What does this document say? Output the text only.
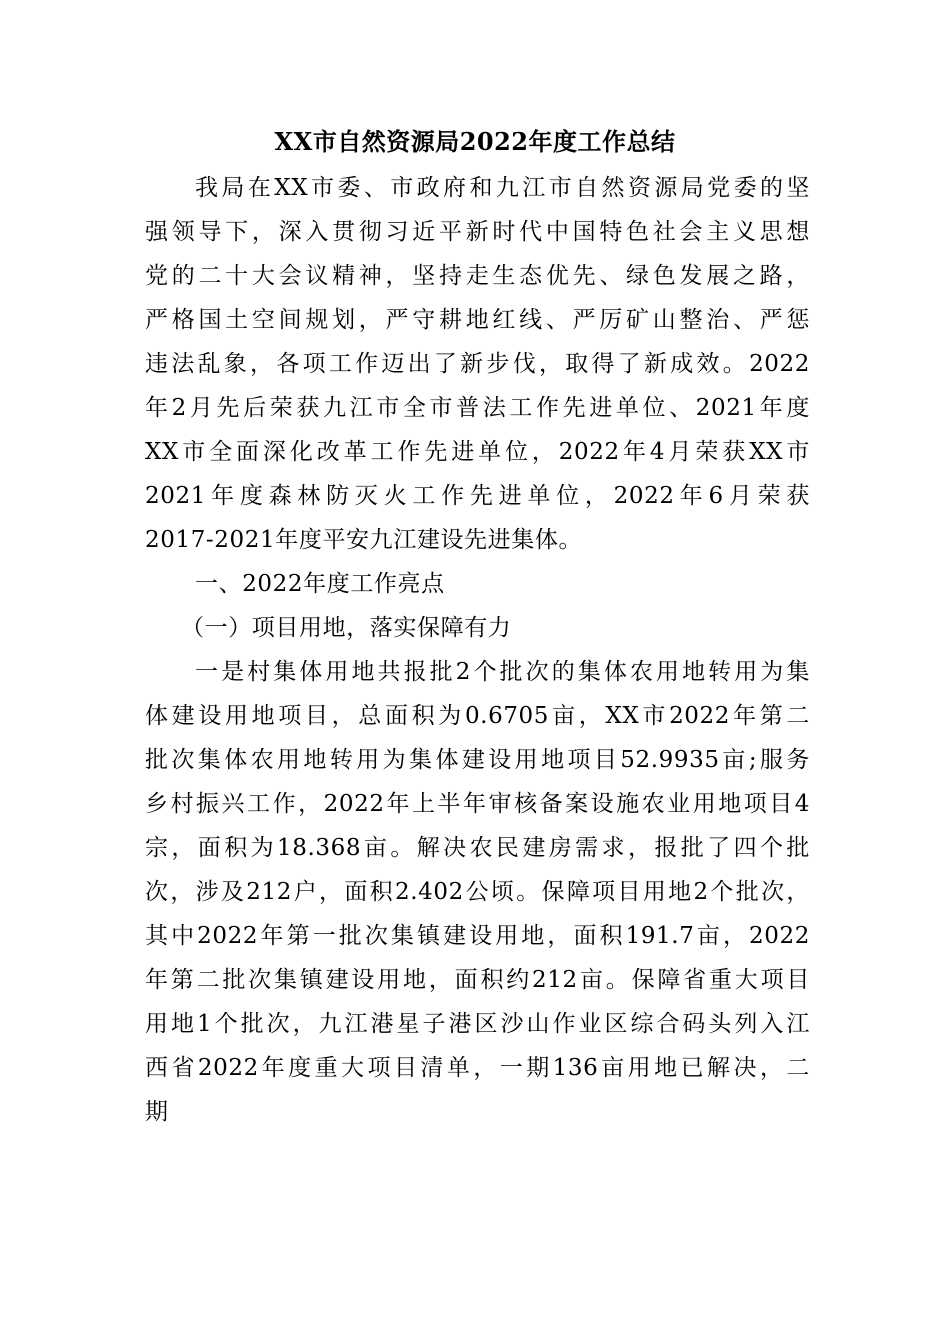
XX市自然资源局2022年度工作总结
我局在XX市委、市政府和九江市自然资源局党委的坚
强领导下，深入贯彻习近平新时代中国特色社会主义思想
党的二十大会议精神，坚持走生态优先、绿色发展之路，
严格国土空间规划，严守耕地红线、严厉矿山整治、严惩
违法乱象，各项工作迈出了新步伐，取得了新成效。2022
年2月先后荣获九江市全市普法工作先进单位、2021年度
XX市全面深化改革工作先进单位，2022年4月荣获XX市
2021年度森林防灭火工作先进单位，2022年6月荣获
2017-2021年度平安九江建设先进集体。
一、2022年度工作亮点
（一）项目用地，落实保障有力
一是村集体用地共报批2个批次的集体农用地转用为集
体建设用地项目，总面积为0.6705亩，XX市2022年第二
批次集体农用地转用为集体建设用地项目52.9935亩;服务
乡村振兴工作，2022年上半年审核备案设施农业用地项目4
宗，面积为18.368亩。解决农民建房需求，报批了四个批
次，涉及212户，面积2.402公顷。保障项目用地2个批次，
其中2022年第一批次集镇建设用地，面积191.7亩，2022
年第二批次集镇建设用地，面积约212亩。保障省重大项目
用地1个批次，九江港星子港区沙山作业区综合码头列入江
西省2022年度重大项目清单，一期136亩用地已解决，二
期
